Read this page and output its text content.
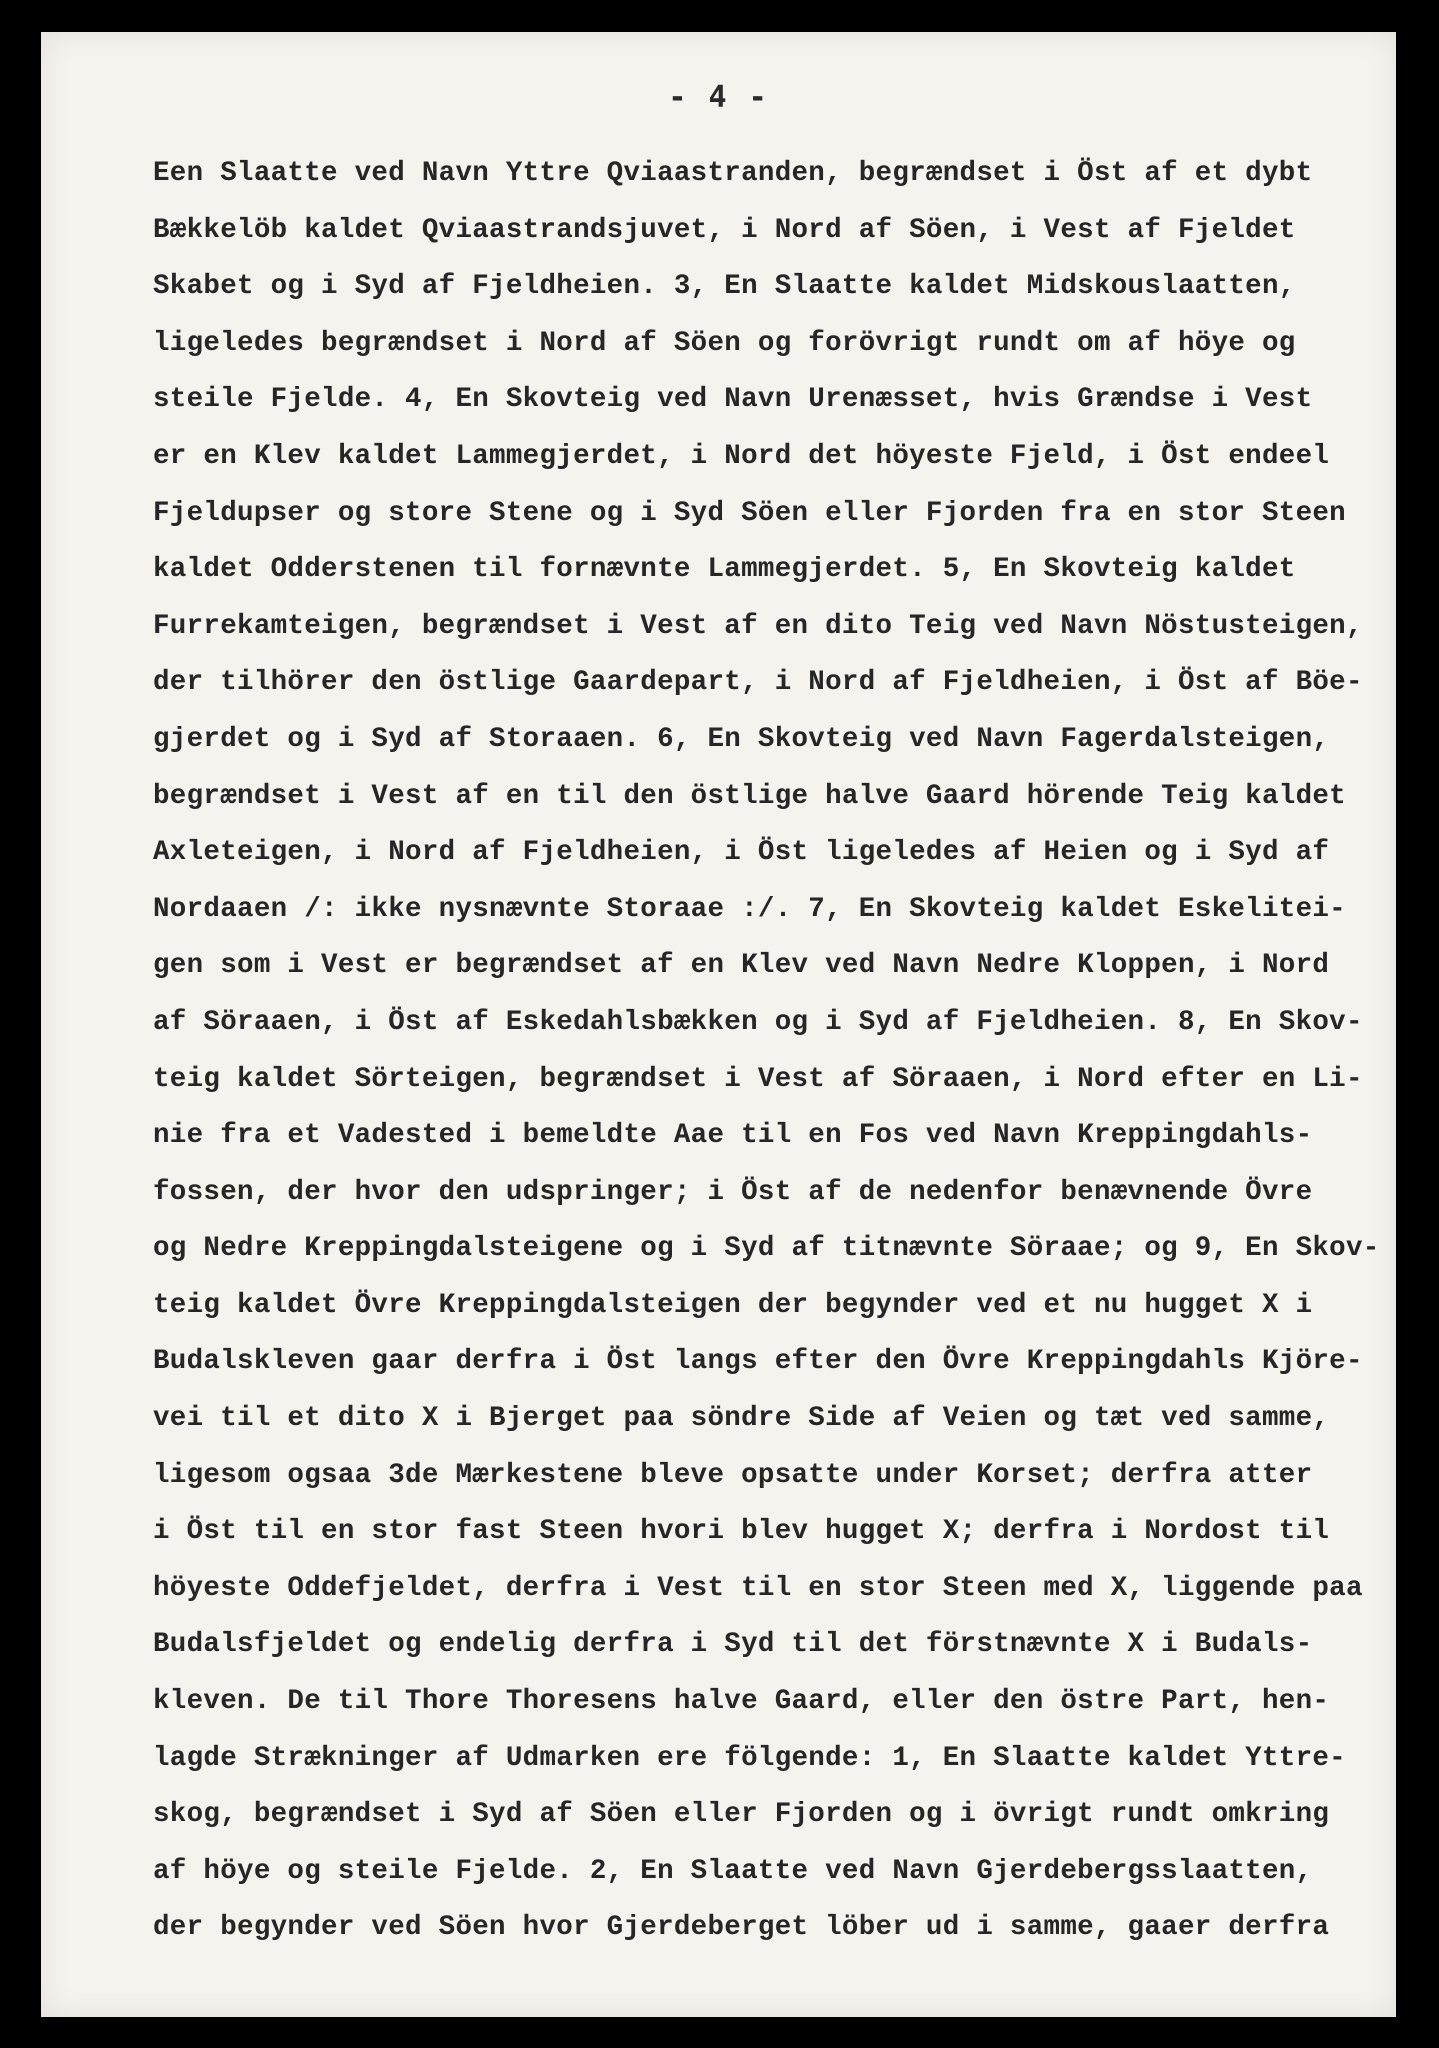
- 4 -
Een Slaatte ved Navn Yttre Qviaastranden, begrændset i Öst af et dybt
Bækkelöb kaldet Qviaastrandsjuvet, i Nord af Söen, i Vest af Fjeldet
Skabet og i Syd af Fjeldheien. 3, En Slaatte kaldet Midskouslaatten,
ligeledes begrændset i Nord af Söen og forövrigt rundt om af höye og
steile Fjelde. 4, En Skovteig ved Navn Urenæsset, hvis Grændse i Vest
er en Klev kaldet Lammegjerdet, i Nord det höyeste Fjeld, i Öst endeel
Fjeldupser og store Stene og i Syd Söen eller Fjorden fra en stor Steen
kaldet Odderstenen til fornævnte Lammegjerdet. 5, En Skovteig kaldet
Furrekamteigen, begrændset i Vest af en dito Teig ved Navn Nöstusteigen,
der tilhörer den östlige Gaardepart, i Nord af Fjeldheien, i Öst af Böe-
gjerdet og i Syd af Storaaen. 6, En Skovteig ved Navn Fagerdalsteigen,
begrændset i Vest af en til den östlige halve Gaard hörende Teig kaldet
Axleteigen, i Nord af Fjeldheien, i Öst ligeledes af Heien og i Syd af
Nordaaen /: ikke nysnævnte Storaae :/. 7, En Skovteig kaldet Eskelitei-
gen som i Vest er begrændset af en Klev ved Navn Nedre Kloppen, i Nord
af Söraaen, i Öst af Eskedahlsbækken og i Syd af Fjeldheien. 8, En Skov-
teig kaldet Sörteigen, begrændset i Vest af Söraaen, i Nord efter en Li-
nie fra et Vadested i bemeldte Aae til en Fos ved Navn Kreppingdahls-
fossen, der hvor den udspringer; i Öst af de nedenfor benævnende Övre
og Nedre Kreppingdalsteigene og i Syd af titnævnte Söraae; og 9, En Skov-
teig kaldet Övre Kreppingdalsteigen der begynder ved et nu hugget X i
Budalskleven gaar derfra i Öst langs efter den Övre Kreppingdahls Kjöre-
vei til et dito X i Bjerget paa söndre Side af Veien og tæt ved samme,
ligesom ogsaa 3de Mærkestene bleve opsatte under Korset; derfra atter
i Öst til en stor fast Steen hvori blev hugget X; derfra i Nordost til
höyeste Oddefjeldet, derfra i Vest til en stor Steen med X, liggende paa
Budalsfjeldet og endelig derfra i Syd til det förstnævnte X i Budals-
kleven. De til Thore Thoresens halve Gaard, eller den östre Part, hen-
lagde Strækninger af Udmarken ere fölgende: 1, En Slaatte kaldet Yttre-
skog, begrændset i Syd af Söen eller Fjorden og i övrigt rundt omkring
af höye og steile Fjelde. 2, En Slaatte ved Navn Gjerdebergsslaatten,
der begynder ved Söen hvor Gjerdeberget löber ud i samme, gaaer derfra
